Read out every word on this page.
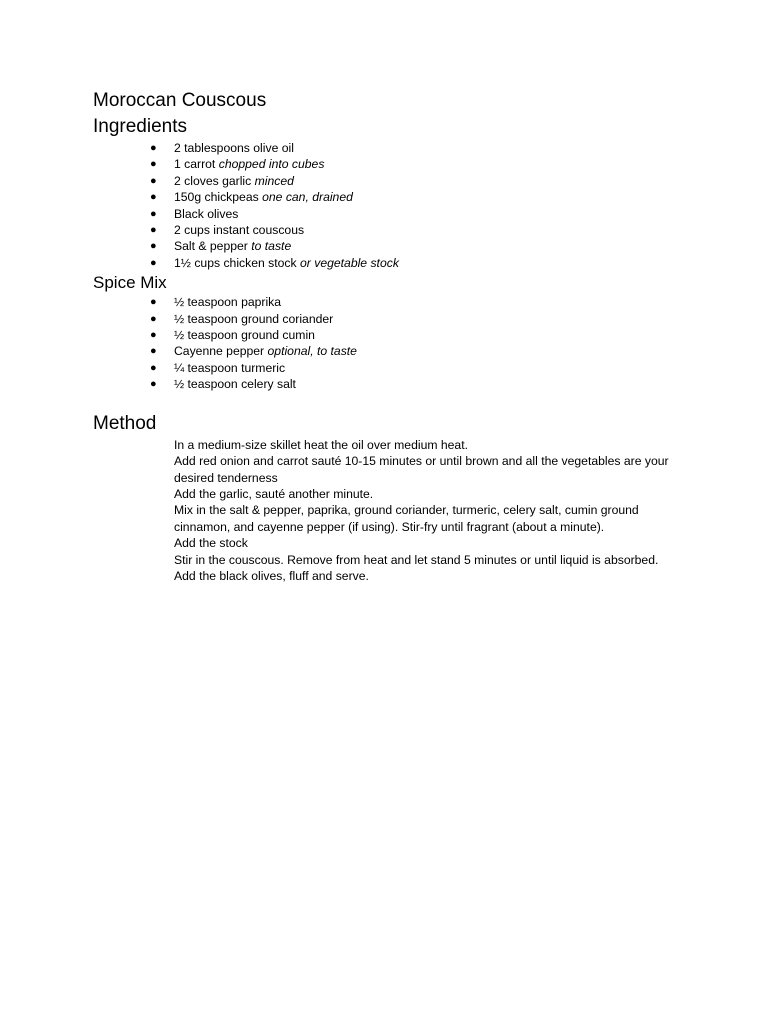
Moroccan Couscous
Ingredients
● 2 tablespoons olive oil
● 1 carrot chopped into cubes
● 2 cloves garlic minced
● 150g chickpeas one can, drained
● Black olives
● 2 cups instant couscous
● Salt & pepper to taste
● 1½ cups chicken stock or vegetable stock
Spice Mix
● ½ teaspoon paprika
● ½ teaspoon ground coriander
● ½ teaspoon ground cumin
● Cayenne pepper optional, to taste
● ¼ teaspoon turmeric
● ½ teaspoon celery salt
Method

In a medium-size skillet heat the oil over medium heat.

Add red onion and carrot sauté 10-15 minutes or until brown and all the vegetables are your desired tenderness

Add the garlic, sauté another minute.

Mix in the salt & pepper, paprika, ground coriander, turmeric, celery salt, cumin ground cinnamon, and cayenne pepper (if using). Stir-fry until fragrant (about a minute).

Add the stock

Stir in the couscous. Remove from heat and let stand 5 minutes or until liquid is absorbed.

Add the black olives, fluff and serve.
